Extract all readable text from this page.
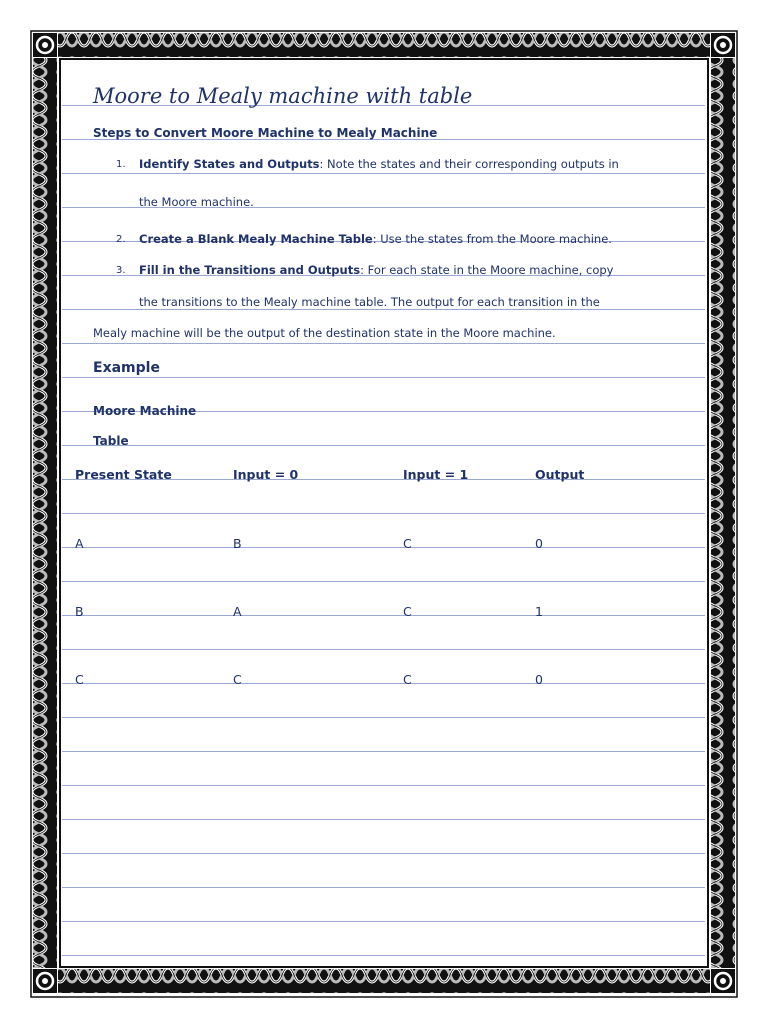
Moore to Mealy machine with table
Steps to Convert Moore Machine to Mealy Machine
1. Identify States and Outputs: Note the states and their corresponding outputs in
the Moore machine.
2. Create a Blank Mealy Machine Table: Use the states from the Moore machine.
3. Fill in the Transitions and Outputs: For each state in the Moore machine, copy
the transitions to the Mealy machine table. The output for each transition in the
Mealy machine will be the output of the destination state in the Moore machine.
Example
Moore Machine
Table
Present State	Input = 0	Input = 1	Output
A	B	C	0
B	A	C	1
C	C	C	0
